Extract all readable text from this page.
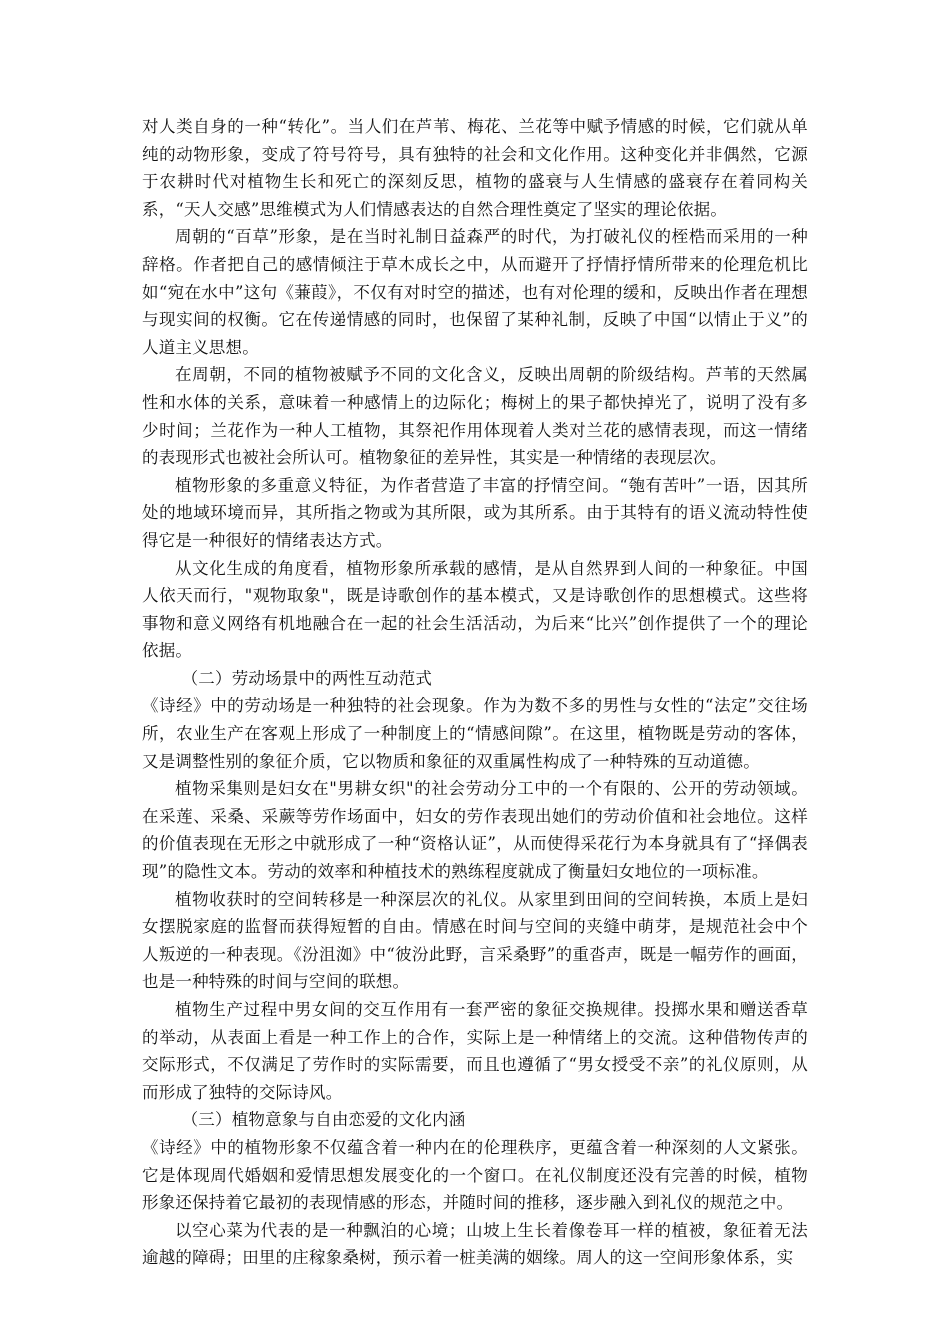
对人类自身的一种“转化”。当人们在芦苇、梅花、兰花等中赋予情感的时候，它们就从单纯的动物形象，变成了符号符号，具有独特的社会和文化作用。这种变化并非偶然，它源于农耕时代对植物生长和死亡的深刻反思，植物的盛衰与人生情感的盛衰存在着同构关系，“天人交感”思维模式为人们情感表达的自然合理性奠定了坚实的理论依据。

周朝的“百草”形象，是在当时礼制日益森严的时代，为打破礼仪的桎梏而采用的一种辞格。作者把自己的感情倾注于草木成长之中，从而避开了抒情抒情所带来的伦理危机比如“宛在水中”这句《蒹葭》，不仅有对时空的描述，也有对伦理的缓和，反映出作者在理想与现实间的权衡。它在传递情感的同时，也保留了某种礼制，反映了中国“以情止于义”的人道主义思想。

在周朝，不同的植物被赋予不同的文化含义，反映出周朝的阶级结构。芦苇的天然属性和水体的关系，意味着一种感情上的边际化；梅树上的果子都快掉光了，说明了没有多少时间；兰花作为一种人工植物，其祭祀作用体现着人类对兰花的感情表现，而这一情绪的表现形式也被社会所认可。植物象征的差异性，其实是一种情绪的表现层次。

植物形象的多重意义特征，为作者营造了丰富的抒情空间。“匏有苦叶”一语，因其所处的地域环境而异，其所指之物或为其所限，或为其所系。由于其特有的语义流动特性使得它是一种很好的情绪表达方式。

从文化生成的角度看，植物形象所承载的感情，是从自然界到人间的一种象征。中国人依天而行，"观物取象"，既是诗歌创作的基本模式，又是诗歌创作的思想模式。这些将事物和意义网络有机地融合在一起的社会生活活动，为后来“比兴”创作提供了一个的理论依据。

（二）劳动场景中的两性互动范式

《诗经》中的劳动场是一种独特的社会现象。作为为数不多的男性与女性的“法定”交往场所，农业生产在客观上形成了一种制度上的“情感间隙”。在这里，植物既是劳动的客体，又是调整性别的象征介质，它以物质和象征的双重属性构成了一种特殊的互动道德。

植物采集则是妇女在"男耕女织"的社会劳动分工中的一个有限的、公开的劳动领域。在采莲、采桑、采蕨等劳作场面中，妇女的劳作表现出她们的劳动价值和社会地位。这样的价值表现在无形之中就形成了一种“资格认证”，从而使得采花行为本身就具有了“择偶表现”的隐性文本。劳动的效率和种植技术的熟练程度就成了衡量妇女地位的一项标准。

植物收获时的空间转移是一种深层次的礼仪。从家里到田间的空间转换，本质上是妇女摆脱家庭的监督而获得短暂的自由。情感在时间与空间的夹缝中萌芽，是规范社会中个人叛逆的一种表现。《汾沮洳》中“彼汾此野，言采桑野”的重沓声，既是一幅劳作的画面，也是一种特殊的时间与空间的联想。

植物生产过程中男女间的交互作用有一套严密的象征交换规律。投掷水果和赠送香草的举动，从表面上看是一种工作上的合作，实际上是一种情绪上的交流。这种借物传声的交际形式，不仅满足了劳作时的实际需要，而且也遵循了“男女授受不亲”的礼仪原则，从而形成了独特的交际诗风。

（三）植物意象与自由恋爱的文化内涵

《诗经》中的植物形象不仅蕴含着一种内在的伦理秩序，更蕴含着一种深刻的人文紧张。它是体现周代婚姻和爱情思想发展变化的一个窗口。在礼仪制度还没有完善的时候，植物形象还保持着它最初的表现情感的形态，并随时间的推移，逐步融入到礼仪的规范之中。

以空心菜为代表的是一种飘泊的心境；山坡上生长着像卷耳一样的植被，象征着无法逾越的障碍；田里的庄稼象桑树，预示着一桩美满的姻缘。周人的这一空间形象体系，实
